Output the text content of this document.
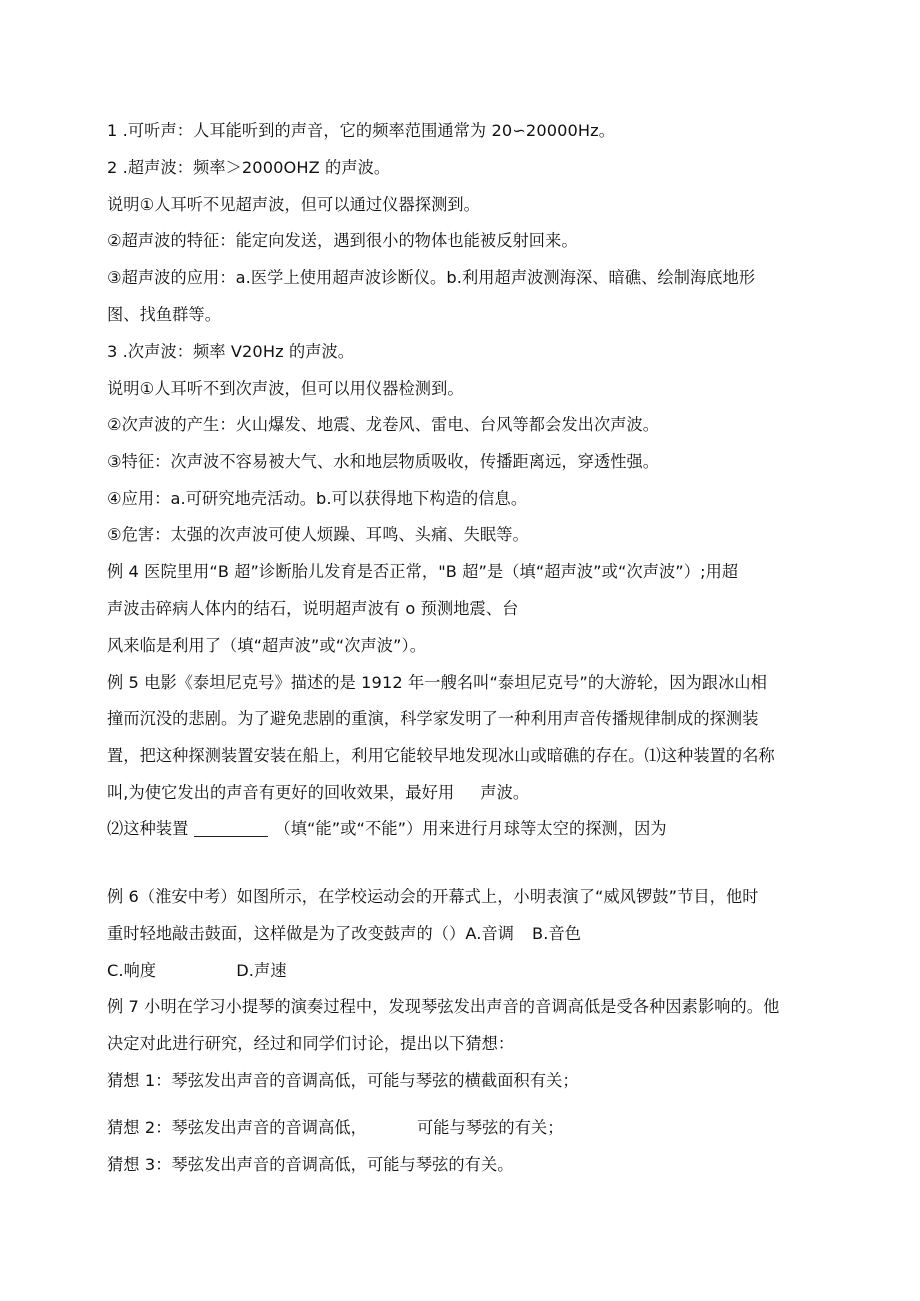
1 .可听声：人耳能听到的声音，它的频率范围通常为 20∽20000Hz。
2 .超声波：频率＞2000OHZ 的声波。
说明①人耳听不见超声波，但可以通过仪器探测到。
②超声波的特征：能定向发送，遇到很小的物体也能被反射回来。
③超声波的应用：a.医学上使用超声波诊断仪。b.利用超声波测海深、暗礁、绘制海底地形
图、找鱼群等。
3 .次声波：频率 V20Hz 的声波。
说明①人耳听不到次声波，但可以用仪器检测到。
②次声波的产生：火山爆发、地震、龙卷风、雷电、台风等都会发出次声波。
③特征：次声波不容易被大气、水和地层物质吸收，传播距离远，穿透性强。
④应用：a.可研究地壳活动。b.可以获得地下构造的信息。
⑤危害：太强的次声波可使人烦躁、耳鸣、头痛、失眠等。
例 4 医院里用“B 超”诊断胎儿发育是否正常，"B 超”是（填“超声波”或“次声波”）;用超
声波击碎病人体内的结石，说明超声波有 o 预测地震、台
风来临是利用了（填“超声波”或“次声波”）。
例 5 电影《泰坦尼克号》描述的是 1912 年一艘名叫“泰坦尼克号”的大游轮，因为跟冰山相
撞而沉没的悲剧。为了避免悲剧的重演，科学家发明了一种利用声音传播规律制成的探测装
置，把这种探测装置安装在船上，利用它能较早地发现冰山或暗礁的存在。⑴这种装置的名称
叫,为使它发出的声音有更好的回收效果，最好用 声波。
⑵这种装置	（填“能”或“不能”）用来进行月球等太空的探测，因为
例 6（淮安中考）如图所示，在学校运动会的开幕式上，小明表演了“威风锣鼓”节目，他时
重时轻地敲击鼓面，这样做是为了改变鼓声的（）A.音调 B.音色
C.响度	D.声速
例 7 小明在学习小提琴的演奏过程中，发现琴弦发出声音的音调高低是受各种因素影响的。他
决定对此进行研究，经过和同学们讨论，提出以下猜想：
猜想 1：琴弦发出声音的音调高低，可能与琴弦的横截面积有关；
猜想 2：琴弦发出声音的音调高低，	可能与琴弦的有关；
猜想 3：琴弦发出声音的音调高低，可能与琴弦的有关。
